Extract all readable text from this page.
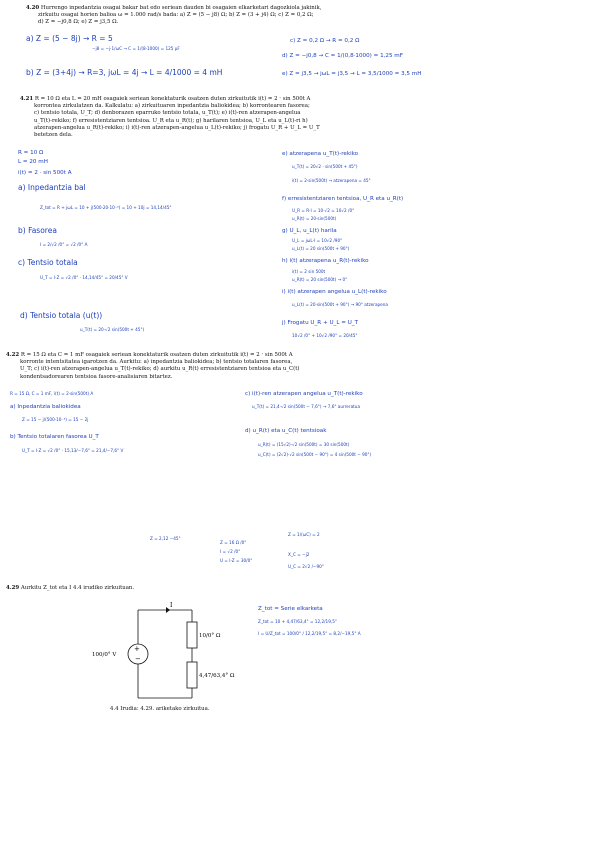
4.20 Hurrengo inpedantzia osagai bakar bat edo seriean dauden bi osagaien elkarketari dagozkiola jakinik,
zirkuitu osagai horien balioa ω = 1.000 rad/s bada: a) Z = (5 − j8) Ω; b) Z = (3 + j4) Ω; c) Z = 0,2 Ω;
d) Z = −j0,8 Ω; e) Z = j3,5 Ω.
a) Z = (5 − 8j) → R = 5
−j8 = −j·1/ωC → C = 1/(8·1000) = 125 μF
b) Z = (3+4j) → R=3, jωL = 4j → L = 4/1000 = 4 mH
c) Z = 0,2 Ω → R = 0,2 Ω
d) Z = −j0,8 → C = 1/(0,8·1000) = 1,25 mF
e) Z = j3,5 → jωL = j3,5 → L = 3,5/1000 = 3,5 mH
4.21 R = 10 Ω eta L = 20 mH osagaiek seriean konektaturik osatzen duten zirkuitutik i(t) = 2 · sin 500t A
korrontea zirkulatzen da. Kalkulatu: a) zirkuituaren inpedantzia baliokidea; b) korrontearen fasorea;
c) tentsio totala, U_T; d) denborazen eparruko tentsio totala, u_T(t); e) i(t)-ren atzerapen-angelua
u_T(t)-rekiko; f) erresistentziaren tentsioa. U_R eta u_R(t); g) harilaren tentsioa, U_L eta u_L(t)-ri h)
atzerapen-angelua u_R(t)-rekiko; i) i(t)-ren atzerapen-angelua u_L(t)-rekiko; j) frogatu U_R + U_L = U_T
betetzen dela.
R = 10 Ω
L = 20 mH
i(t) = 2 · sin 500t A
a) Inpedantzia bal
Z_tot = R + jωL = 10 + j(500·20·10⁻³) = 10 + 10j = 14,14/45°
b) Fasorea
I = 2/√2 /0° = √2 /0° A
c) Tentsio totala
U_T = I·Z = √2 /0° · 14,14/45° = 20/45° V
d) Tentsio totala (u(t))
u_T(t) = 20·√2 sin(500t + 45°)
e) atzerapena u_T(t)-rekiko
u_T(t) = 20√2 · sin(500t + 45°)
i(t) = 2·sin(500t) → atzerapena = 45°
f) erresistentziaren tentsioa, U_R eta u_R(t)
U_R = R·I = 10·√2 = 10√2 /0°
u_R(t) = 20·sin(500t)
g) U_L, u_L(t) harila
U_L = jωL·I = 10√2 /90°
u_L(t) = 20 sin(500t + 90°)
h) i(t) atzerapena u_R(t)-rekiko
i(t) = 2 sin 500t
u_R(t) = 20 sin(500t) → 0°
i) i(t) atzerapen angelua u_L(t)-rekiko
u_L(t) = 20·sin(500t + 90°) → 90° atzerapena
j) Frogatu U_R + U_L = U_T
10√2 /0° + 10√2 /90° = 20/45°
4.22 R = 15 Ω eta C = 1 mF osagaiek seriean konektaturik osatzen duten zirkuitutik i(t) = 2 · sin 500t A
korronte intentsitatea igarotzen da. Aurkitu: a) inpedantzia baliokidea; b) tentsio totalaren fasorea,
U_T; c) i(t)-ren atzerapen-angelua u_T(t)-rekiko; d) aurkitu u_R(t) erresistentziaren tentsioa eta u_C(t)
kondentsadorearen tentsioa fasore-analisiaren bitartez.
R = 15 Ω, C = 1 mF, i(t) = 2·sin(500t) A
a) Inpedantzia baliokidea
Z = 15 − j/(500·10⁻³) = 15 − 2j
b) Tentsio totalaren fasorea U_T
U_T = I·Z = √2 /0° · 15,13/−7,6° = 21,4/−7,6° V
c) i(t)-ren atzerapen angelua u_T(t)-rekiko
u_T(t) = 21,4·√2 sin(500t − 7,6°) → 7,6° aurreratua
d) u_R(t) eta u_C(t) tentsioak
u_R(t) = (15√2)·√2 sin(500t) = 30 sin(500t)
u_C(t) = (2√2)·√2 sin(500t − 90°) = 4 sin(500t − 90°)
Z = 2,12 −45°
Z = 16 Ω /0°
I = √2 /0°
U = I·Z = 30/0°
Z = 1/(ωC) = 2
X_C = −j2
U_C = 2√2 /−90°
4.29 Aurkitu Z_tot eta I 4.4 irudiko zirkuituan.
+
−
I
10/0° Ω
4,47/63,4° Ω
100/0° V
4.4 Irudia: 4.29. ariketako zirkuitua.
Z_tot = Serie elkarketa
Z_tot = 10 + 4,47/63,4° = 12,2/19,5°
I = U/Z_tot = 100/0° / 12,2/19,5° = 8,2/−19,5° A
